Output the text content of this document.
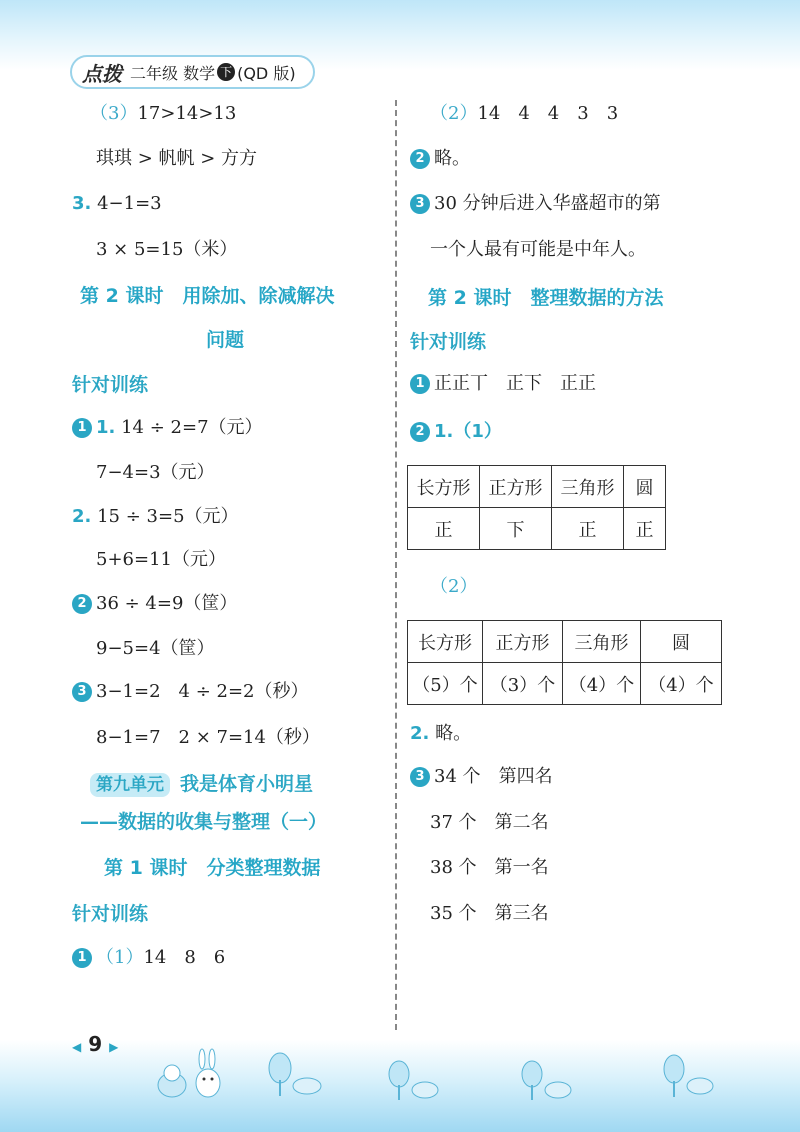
点拨 二年级 数学 下 (QD 版)
（3）17>14>13
琪琪 > 帆帆 > 方方
3. 4−1=3
3 × 5=15（米）
第 2 课时　用除加、除减解决
问题
针对训练
1 1. 14 ÷ 2=7（元）
7−4=3（元）
2. 15 ÷ 3=5（元）
5+6=11（元）
2 36 ÷ 4=9（筐）
9−5=4（筐）
3 3−1=2　4 ÷ 2=2（秒）
8−1=7　2 × 7=14（秒）
第九单元 我是体育小明星
——数据的收集与整理（一）
第 1 课时　分类整理数据
针对训练
1 （1）14　8　6
（2）14　4　4　3　3
2 略。
3 30 分钟后进入华盛超市的第
一个人最有可能是中年人。
第 2 课时　整理数据的方法
针对训练
1 正正丅　正下　正正
2 1.（1）
长方形	正方形	三角形	圆
正	下	正	正
（2）
长方形	正方形	三角形	圆
（5）个	（3）个	（4）个	（4）个
2. 略。
3 34 个　第四名
37 个　第二名
38 个　第一名
35 个　第三名
◀ 9 ▶
